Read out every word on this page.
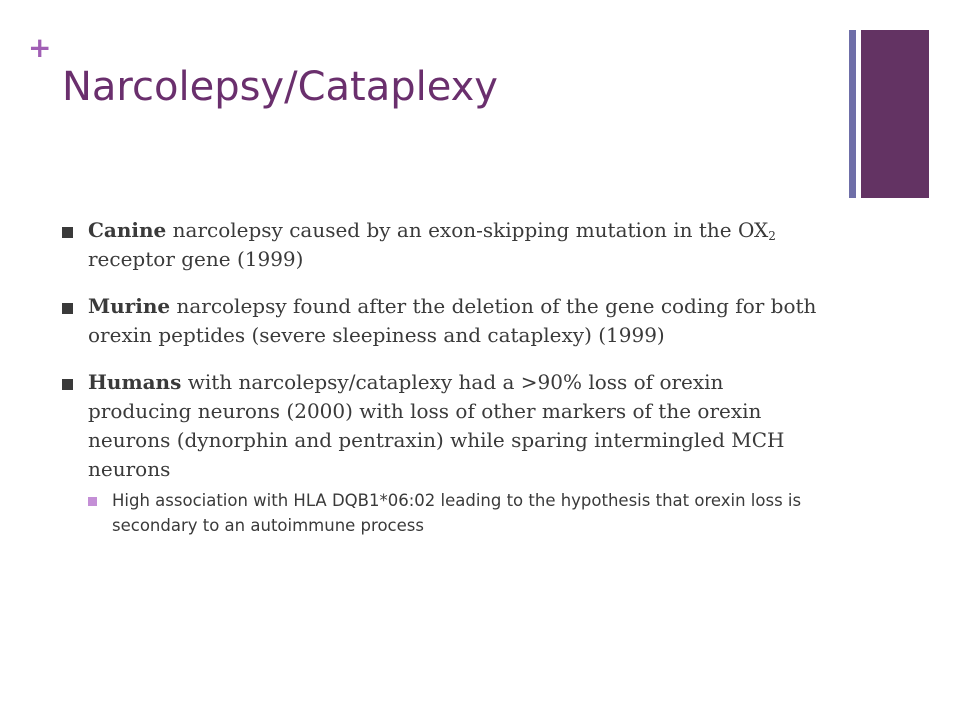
+
Narcolepsy/Cataplexy
Canine narcolepsy caused by an exon-skipping mutation in the $OX_2$ receptor gene (1999)
Murine narcolepsy found after the deletion of the gene coding for both orexin peptides (severe sleepiness and cataplexy) (1999)
Humans with narcolepsy/cataplexy had a >90% loss of orexin producing neurons (2000) with loss of other markers of the orexin neurons (dynorphin and pentraxin) while sparing intermingled MCH neurons
High association with HLA DQB1*06:02 leading to the hypothesis that orexin loss is secondary to an autoimmune process
